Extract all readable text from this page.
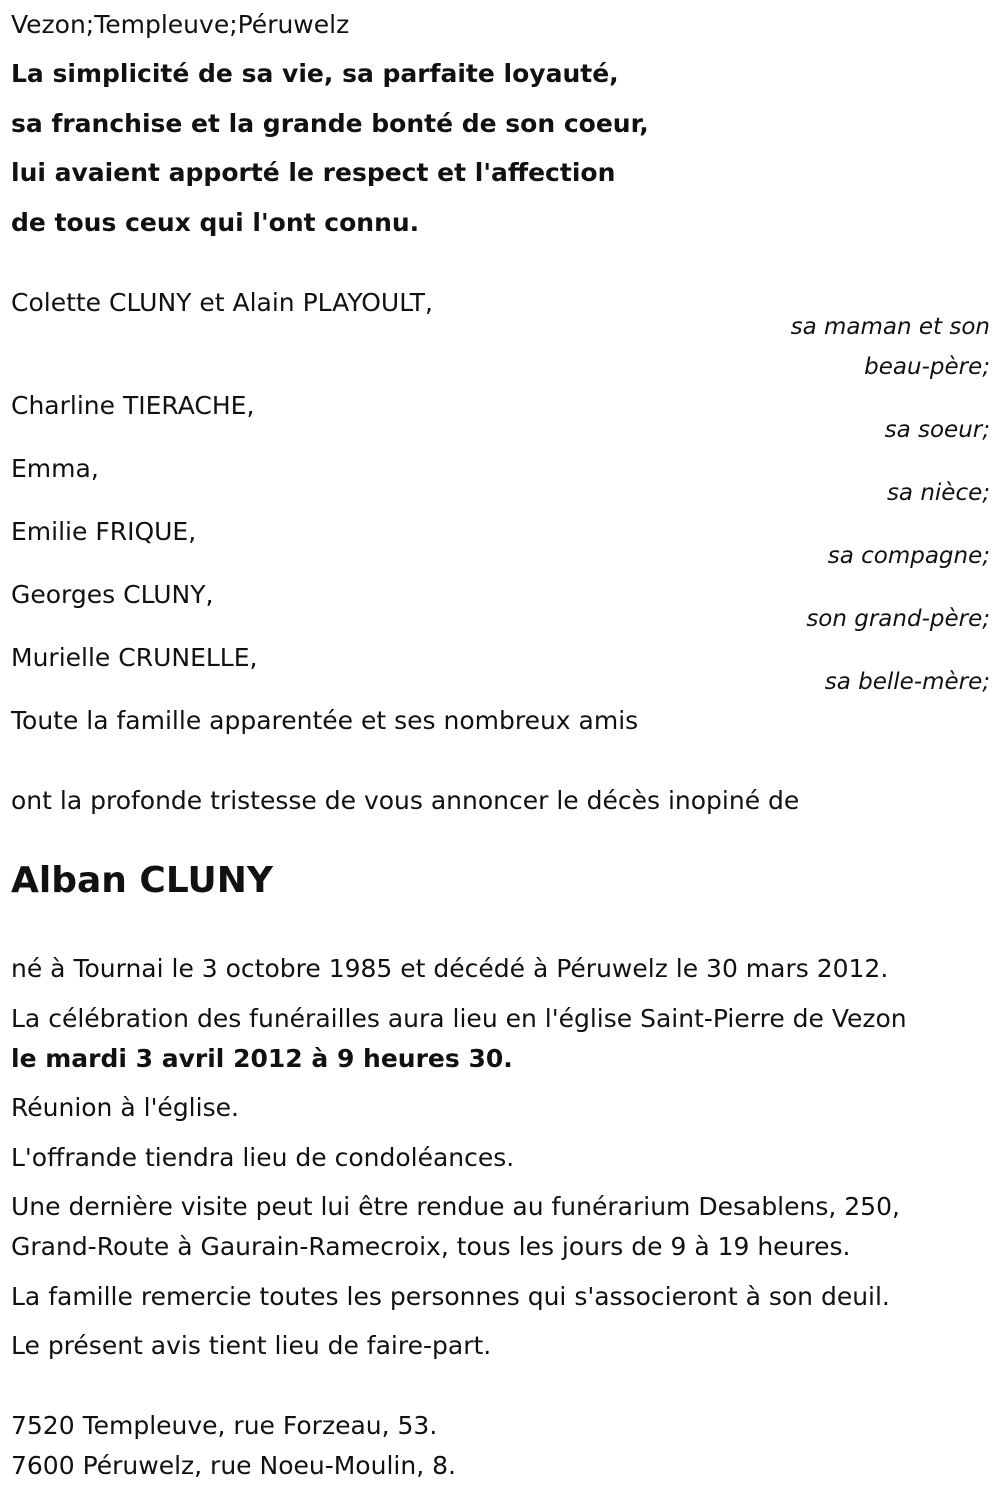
Vezon;Templeuve;Péruwelz
La simplicité de sa vie, sa parfaite loyauté,
sa franchise et la grande bonté de son coeur,
lui avaient apporté le respect et l'affection
de tous ceux qui l'ont connu.
Colette CLUNY et Alain PLAYOULT,
sa maman et son
beau-père;
Charline TIERACHE,
sa soeur;
Emma,
sa nièce;
Emilie FRIQUE,
sa compagne;
Georges CLUNY,
son grand-père;
Murielle CRUNELLE,
sa belle-mère;
Toute la famille apparentée et ses nombreux amis
ont la profonde tristesse de vous annoncer le décès inopiné de
Alban CLUNY
né à Tournai le 3 octobre 1985 et décédé à Péruwelz le 30 mars 2012.
La célébration des funérailles aura lieu en l'église Saint-Pierre de Vezon
le mardi 3 avril 2012 à 9 heures 30.
Réunion à l'église.
L'offrande tiendra lieu de condoléances.
Une dernière visite peut lui être rendue au funérarium Desablens, 250,
Grand-Route à Gaurain-Ramecroix, tous les jours de 9 à 19 heures.
La famille remercie toutes les personnes qui s'associeront à son deuil.
Le présent avis tient lieu de faire-part.
7520 Templeuve, rue Forzeau, 53.
7600 Péruwelz, rue Noeu-Moulin, 8.
